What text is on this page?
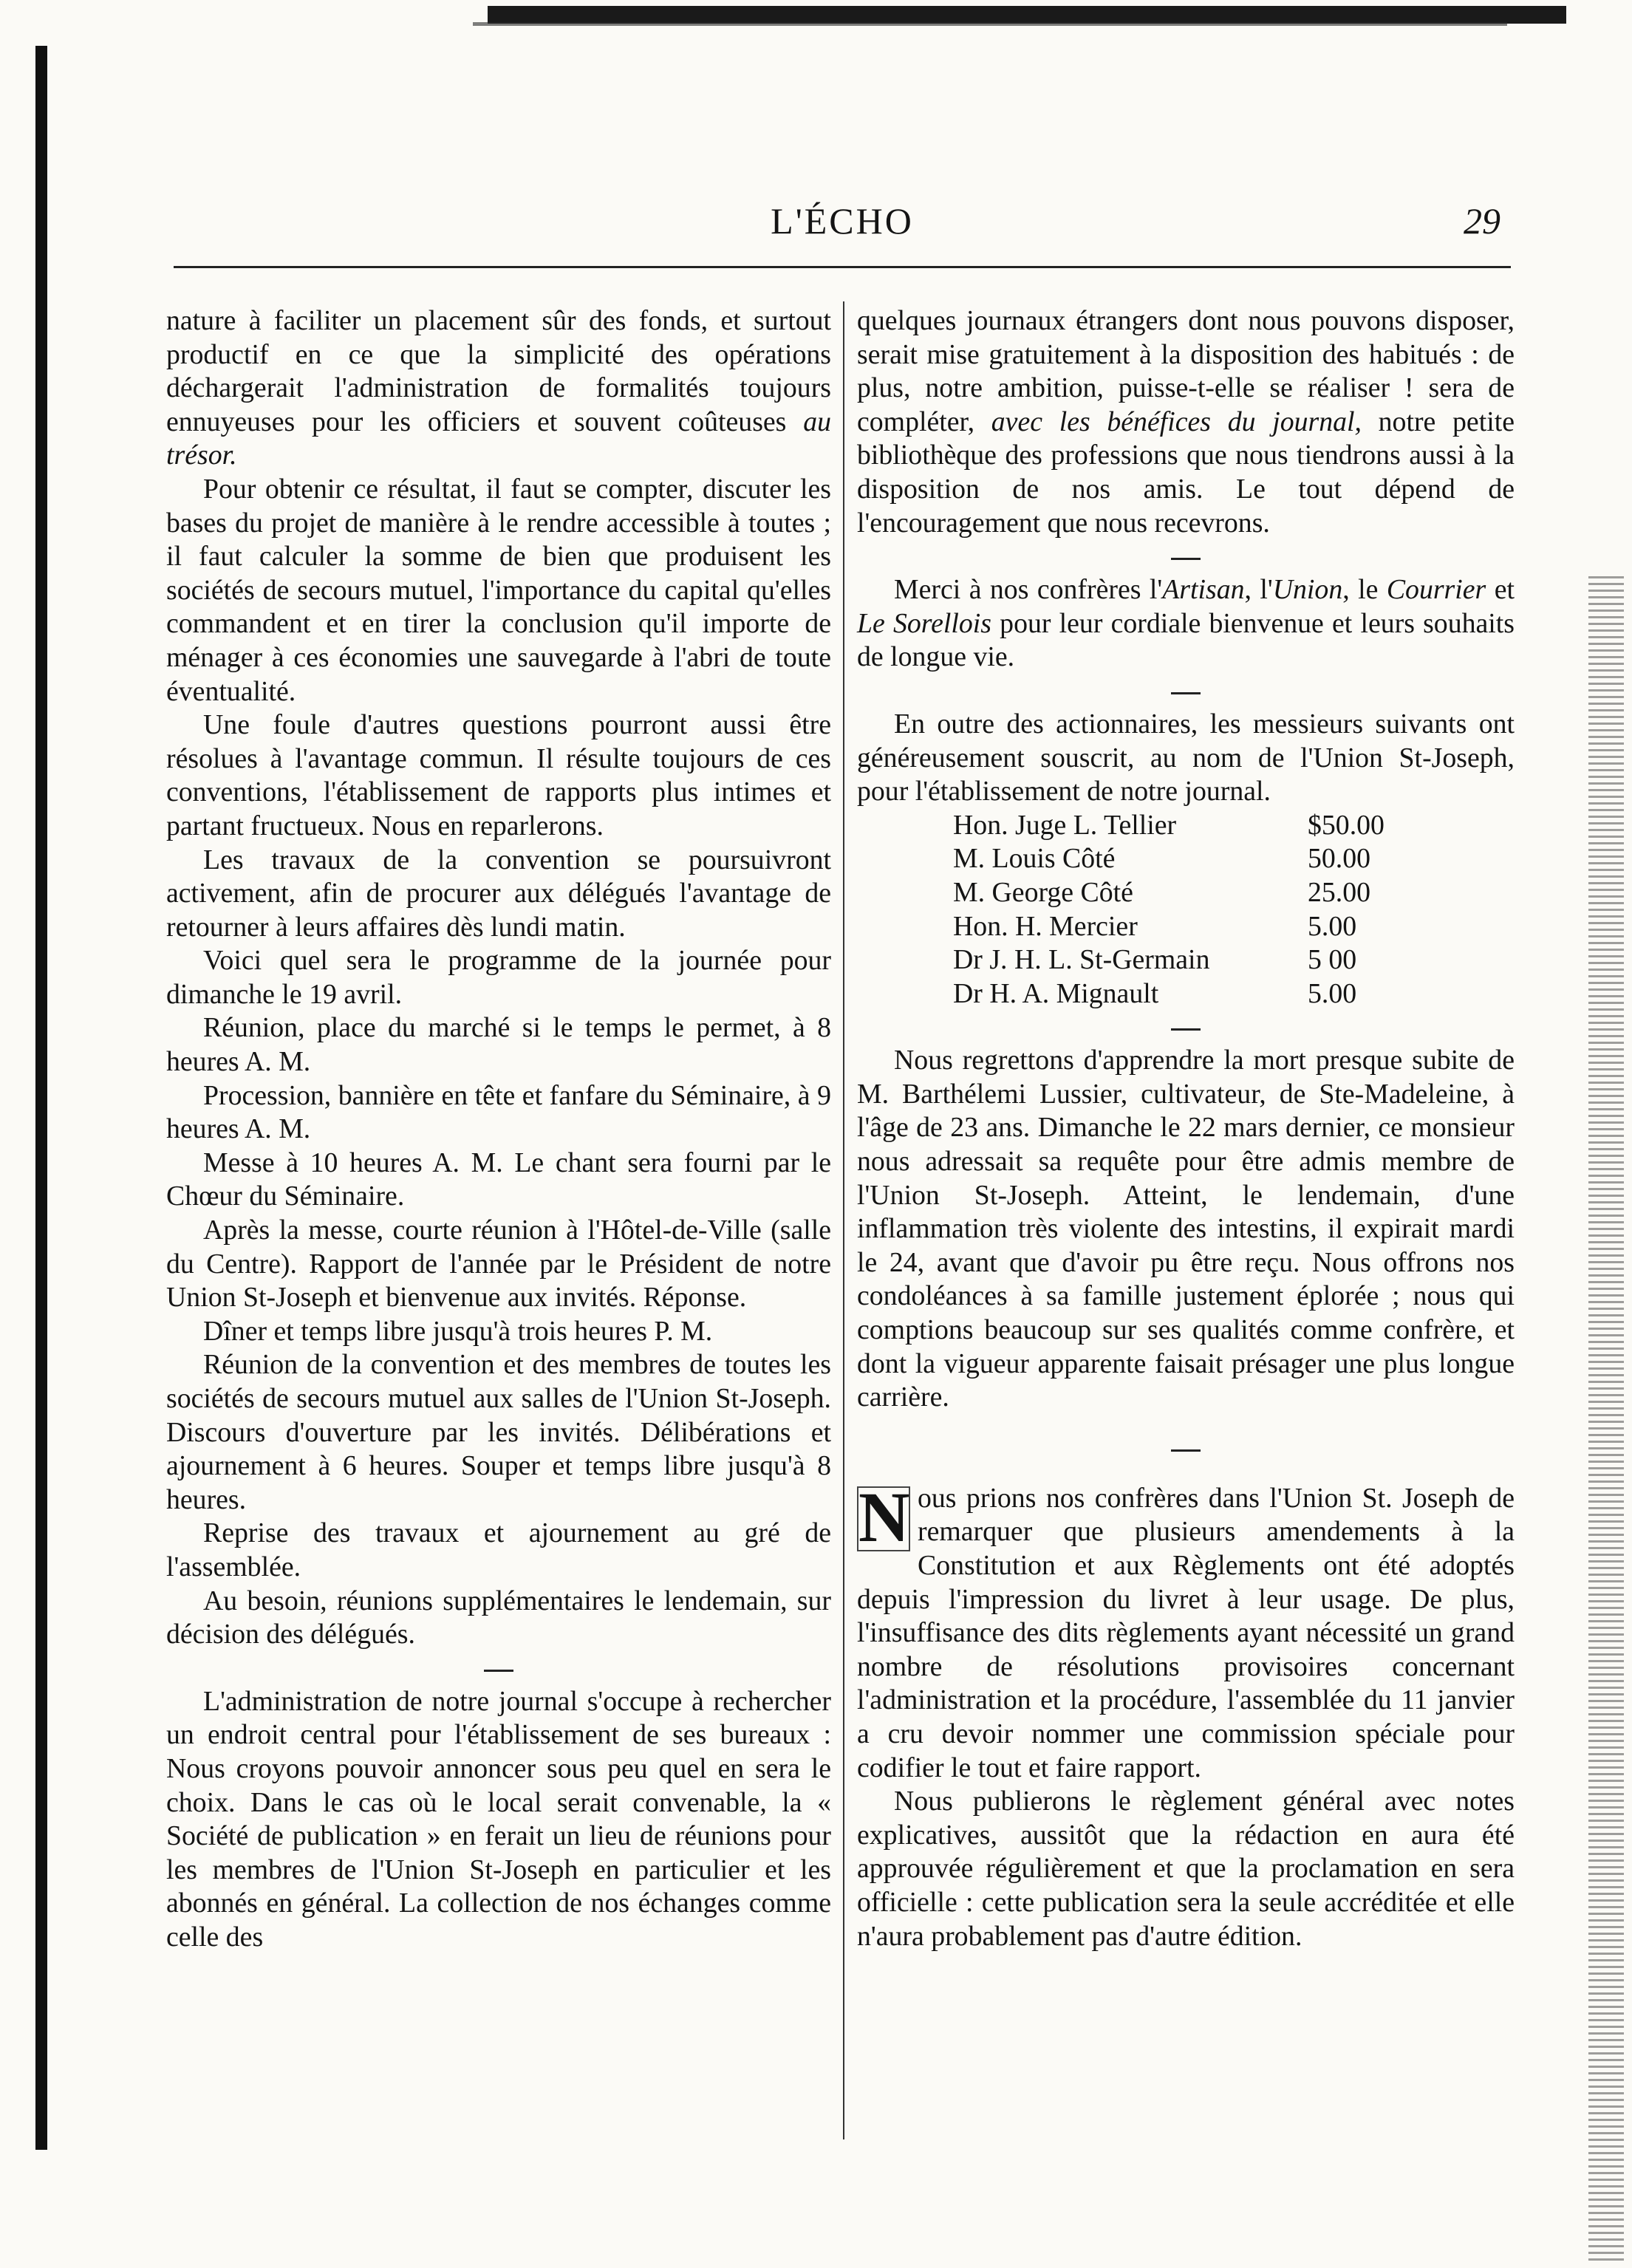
L'ÉCHO	29

nature à faciliter un placement sûr des fonds, et surtout productif en ce que la simplicité des opérations déchargerait l'administration de formalités toujours ennuyeuses pour les officiers et souvent coûteuses au trésor.

Pour obtenir ce résultat, il faut se compter, discuter les bases du projet de manière à le rendre accessible à toutes ; il faut calculer la somme de bien que produisent les sociétés de secours mutuel, l'importance du capital qu'elles commandent et en tirer la conclusion qu'il importe de ménager à ces économies une sauvegarde à l'abri de toute éventualité.

Une foule d'autres questions pourront aussi être résolues à l'avantage commun. Il résulte toujours de ces conventions, l'établissement de rapports plus intimes et partant fructueux. Nous en reparlerons.

Les travaux de la convention se poursuivront activement, afin de procurer aux délégués l'avantage de retourner à leurs affaires dès lundi matin.

Voici quel sera le programme de la journée pour dimanche le 19 avril.

Réunion, place du marché si le temps le permet, à 8 heures A. M.

Procession, bannière en tête et fanfare du Séminaire, à 9 heures A. M.

Messe à 10 heures A. M. Le chant sera fourni par le Chœur du Séminaire.

Après la messe, courte réunion à l'Hôtel-de-Ville (salle du Centre). Rapport de l'année par le Président de notre Union St-Joseph et bienvenue aux invités. Réponse.

Dîner et temps libre jusqu'à trois heures P. M.

Réunion de la convention et des membres de toutes les sociétés de secours mutuel aux salles de l'Union St-Joseph. Discours d'ouverture par les invités. Délibérations et ajournement à 6 heures. Souper et temps libre jusqu'à 8 heures.

Reprise des travaux et ajournement au gré de l'assemblée.

Au besoin, réunions supplémentaires le lendemain, sur décision des délégués.

L'administration de notre journal s'occupe à rechercher un endroit central pour l'établissement de ses bureaux : Nous croyons pouvoir annoncer sous peu quel en sera le choix. Dans le cas où le local serait convenable, la « Société de publication » en ferait un lieu de réunions pour les membres de l'Union St-Joseph en particulier et les abonnés en général. La collection de nos échanges comme celle des

quelques journaux étrangers dont nous pouvons disposer, serait mise gratuitement à la disposition des habitués : de plus, notre ambition, puisse-t-elle se réaliser ! sera de compléter, avec les bénéfices du journal, notre petite bibliothèque des professions que nous tiendrons aussi à la disposition de nos amis. Le tout dépend de l'encouragement que nous recevrons.

Merci à nos confrères l'Artisan, l'Union, le Courrier et Le Sorellois pour leur cordiale bienvenue et leurs souhaits de longue vie.

En outre des actionnaires, les messieurs suivants ont généreusement souscrit, au nom de l'Union St-Joseph, pour l'établissement de notre journal.

Hon. Juge L. Tellier	$50.00
M. Louis Côté	50.00
M. George Côté	25.00
Hon. H. Mercier	5.00
Dr J. H. L. St-Germain	5 00
Dr H. A. Mignault	5.00

Nous regrettons d'apprendre la mort presque subite de M. Barthélemi Lussier, cultivateur, de Ste-Madeleine, à l'âge de 23 ans. Dimanche le 22 mars dernier, ce monsieur nous adressait sa requête pour être admis membre de l'Union St-Joseph. Atteint, le lendemain, d'une inflammation très violente des intestins, il expirait mardi le 24, avant que d'avoir pu être reçu. Nous offrons nos condoléances à sa famille justement éplorée ; nous qui comptions beaucoup sur ses qualités comme confrère, et dont la vigueur apparente faisait présager une plus longue carrière.

N ous prions nos confrères dans l'Union St. Joseph de remarquer que plusieurs amendements à la Constitution et aux Règlements ont été adoptés depuis l'impression du livret à leur usage. De plus, l'insuffisance des dits règlements ayant nécessité un grand nombre de résolutions provisoires concernant l'administration et la procédure, l'assemblée du 11 janvier a cru devoir nommer une commission spéciale pour codifier le tout et faire rapport.

Nous publierons le règlement général avec notes explicatives, aussitôt que la rédaction en aura été approuvée régulièrement et que la proclamation en sera officielle : cette publication sera la seule accréditée et elle n'aura probablement pas d'autre édition.
